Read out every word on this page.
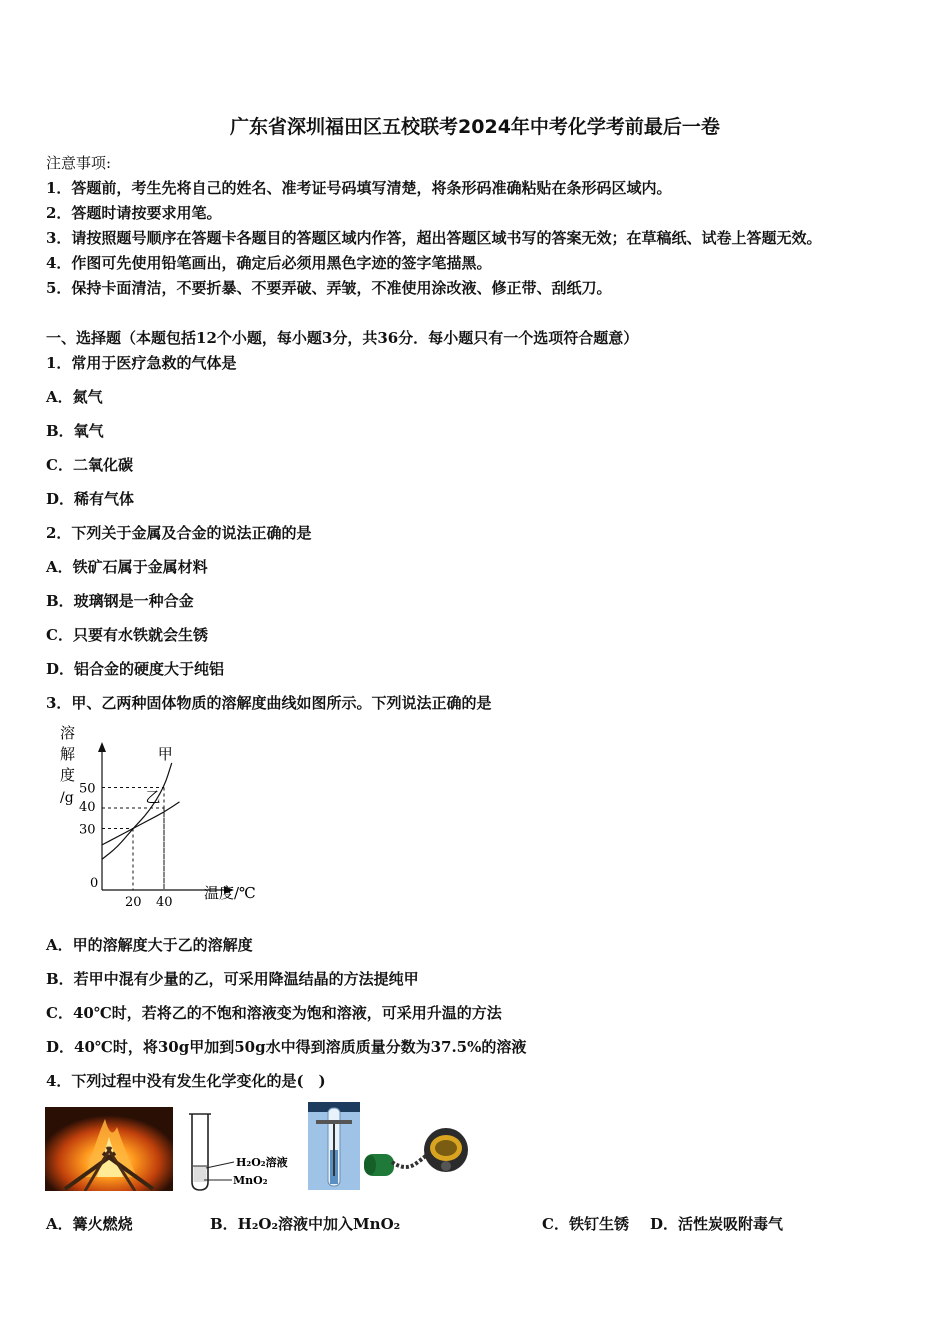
广东省深圳福田区五校联考2024年中考化学考前最后一卷
注意事项:
1．答题前，考生先将自己的姓名、准考证号码填写清楚，将条形码准确粘贴在条形码区域内。
2．答题时请按要求用笔。
3．请按照题号顺序在答题卡各题目的答题区域内作答，超出答题区域书写的答案无效；在草稿纸、试卷上答题无效。
4．作图可先使用铅笔画出，确定后必须用黑色字迹的签字笔描黑。
5．保持卡面清洁，不要折暴、不要弄破、弄皱，不准使用涂改液、修正带、刮纸刀。
一、选择题（本题包括12个小题，每小题3分，共36分．每小题只有一个选项符合题意）
1．常用于医疗急救的气体是
A．氮气
B．氧气
C．二氧化碳
D．稀有气体
2．下列关于金属及合金的说法正确的是
A．铁矿石属于金属材料
B．玻璃钢是一种合金
C．只要有水铁就会生锈
D．铝合金的硬度大于纯铝
3．甲、乙两种固体物质的溶解度曲线如图所示。下列说法正确的是
溶
解
度
/g
0
30
40
50
20 40
甲
乙
温度/℃
A．甲的溶解度大于乙的溶解度
B．若甲中混有少量的乙，可采用降温结晶的方法提纯甲
C．40℃时，若将乙的不饱和溶液变为饱和溶液，可采用升温的方法
D．40℃时，将30g甲加到50g水中得到溶质质量分数为37.5%的溶液
4．下列过程中没有发生化学变化的是(　)
H₂O₂溶液
MnO₂
A．篝火燃烧	B．H₂O₂溶液中加入MnO₂	C．铁钉生锈 D．活性炭吸附毒气
